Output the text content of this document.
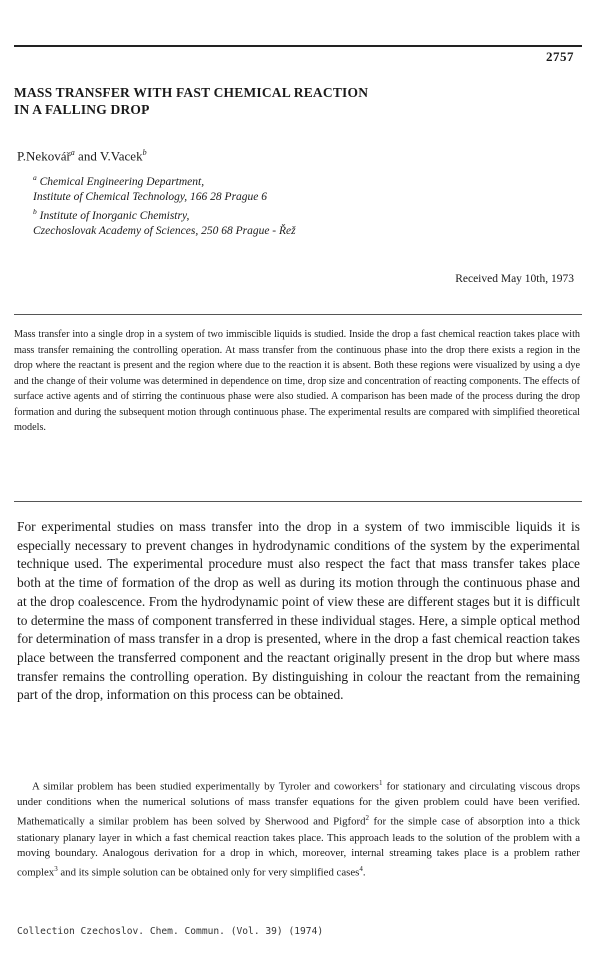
2757
MASS TRANSFER WITH FAST CHEMICAL REACTION
IN A FALLING DROP
P.Nekovář$^a$ and V.Vacek$^b$
$^a$ Chemical Engineering Department,
Institute of Chemical Technology, 166 28 Prague 6
$^b$ Institute of Inorganic Chemistry,
Czechoslovak Academy of Sciences, 250 68 Prague - Řež
Received May 10th, 1973

Mass transfer into a single drop in a system of two immiscible liquids is studied. Inside the drop a fast chemical reaction takes place with mass transfer remaining the controlling operation. At mass transfer from the continuous phase into the drop there exists a region in the drop where the reactant is present and the region where due to the reaction it is absent. Both these regions were visualized by using a dye and the change of their volume was determined in dependence on time, drop size and concentration of reacting components. The effects of surface active agents and of stirring the continuous phase were also studied. A comparison has been made of the process during the drop formation and during the subsequent motion through continuous phase. The experimental results are compared with simplified theoretical models.

For experimental studies on mass transfer into the drop in a system of two immiscible liquids it is especially necessary to prevent changes in hydrodynamic conditions of the system by the experimental technique used. The experimental procedure must also respect the fact that mass transfer takes place both at the time of formation of the drop as well as during its motion through the continuous phase and at the drop coalescence. From the hydrodynamic point of view these are different stages but it is difficult to determine the mass of component transferred in these individual stages. Here, a simple optical method for determination of mass transfer in a drop is presented, where in the drop a fast chemical reaction takes place between the transferred component and the reactant originally present in the drop but where mass transfer remains the controlling operation. By distinguishing in colour the reactant from the remaining part of the drop, information on this process can be obtained.

A similar problem has been studied experimentally by Tyroler and coworkers$^1$ for stationary and circulating viscous drops under conditions when the numerical solutions of mass transfer equations for the given problem could have been verified. Mathematically a similar problem has been solved by Sherwood and Pigford$^2$ for the simple case of absorption into a thick stationary planary layer in which a fast chemical reaction takes place. This approach leads to the solution of the problem with a moving boundary. Analogous derivation for a drop in which, moreover, internal streaming takes place is a problem rather complex$^3$ and its simple solution can be obtained only for very simplified cases$^4$.

Collection Czechoslov. Chem. Commun. (Vol. 39) (1974)
